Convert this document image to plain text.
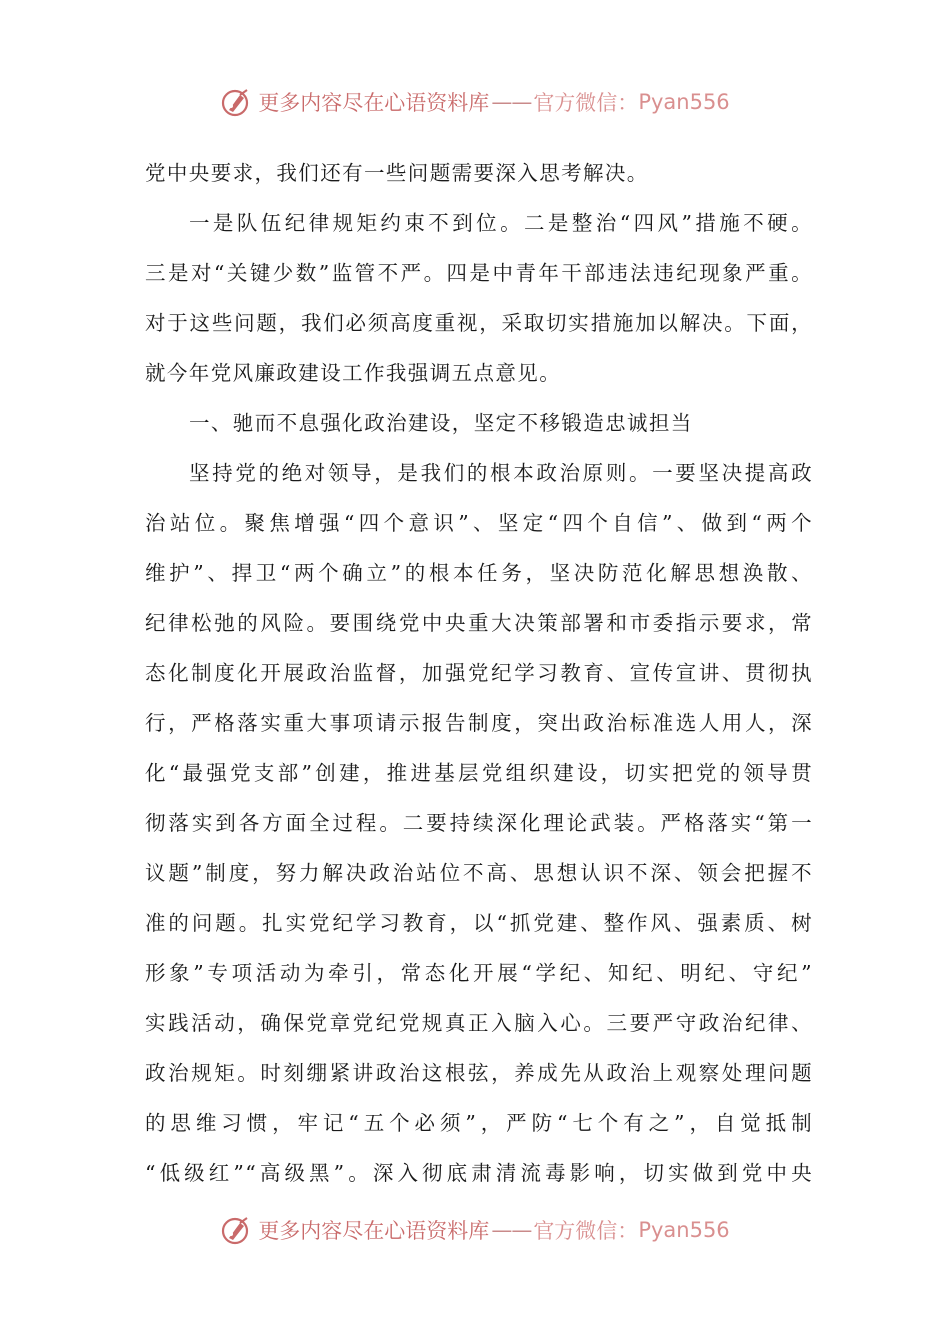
更多内容尽在心语资料库 —— 官方微信： Pyan556
党中央要求，我们还有一些问题需要深入思考解决。
一是队伍纪律规矩约束不到位。二是整治“四风”措施不硬。
三是对“关键少数”监管不严。四是中青年干部违法违纪现象严重。
对于这些问题，我们必须高度重视，采取切实措施加以解决。下面，
就今年党风廉政建设工作我强调五点意见。
一、驰而不息强化政治建设，坚定不移锻造忠诚担当
坚持党的绝对领导，是我们的根本政治原则。一要坚决提高政
治站位。聚焦增强“四个意识”、坚定“四个自信”、做到“两个
维护”、捍卫“两个确立”的根本任务，坚决防范化解思想涣散、
纪律松弛的风险。要围绕党中央重大决策部署和市委指示要求，常
态化制度化开展政治监督，加强党纪学习教育、宣传宣讲、贯彻执
行，严格落实重大事项请示报告制度，突出政治标准选人用人，深
化“最强党支部”创建，推进基层党组织建设，切实把党的领导贯
彻落实到各方面全过程。二要持续深化理论武装。严格落实“第一
议题”制度，努力解决政治站位不高、思想认识不深、领会把握不
准的问题。扎实党纪学习教育，以“抓党建、整作风、强素质、树
形象”专项活动为牵引，常态化开展“学纪、知纪、明纪、守纪”
实践活动，确保党章党纪党规真正入脑入心。三要严守政治纪律、
政治规矩。时刻绷紧讲政治这根弦，养成先从政治上观察处理问题
的思维习惯，牢记“五个必须”，严防“七个有之”，自觉抵制
“低级红”“高级黑”。深入彻底肃清流毒影响，切实做到党中央
更多内容尽在心语资料库 —— 官方微信： Pyan556
